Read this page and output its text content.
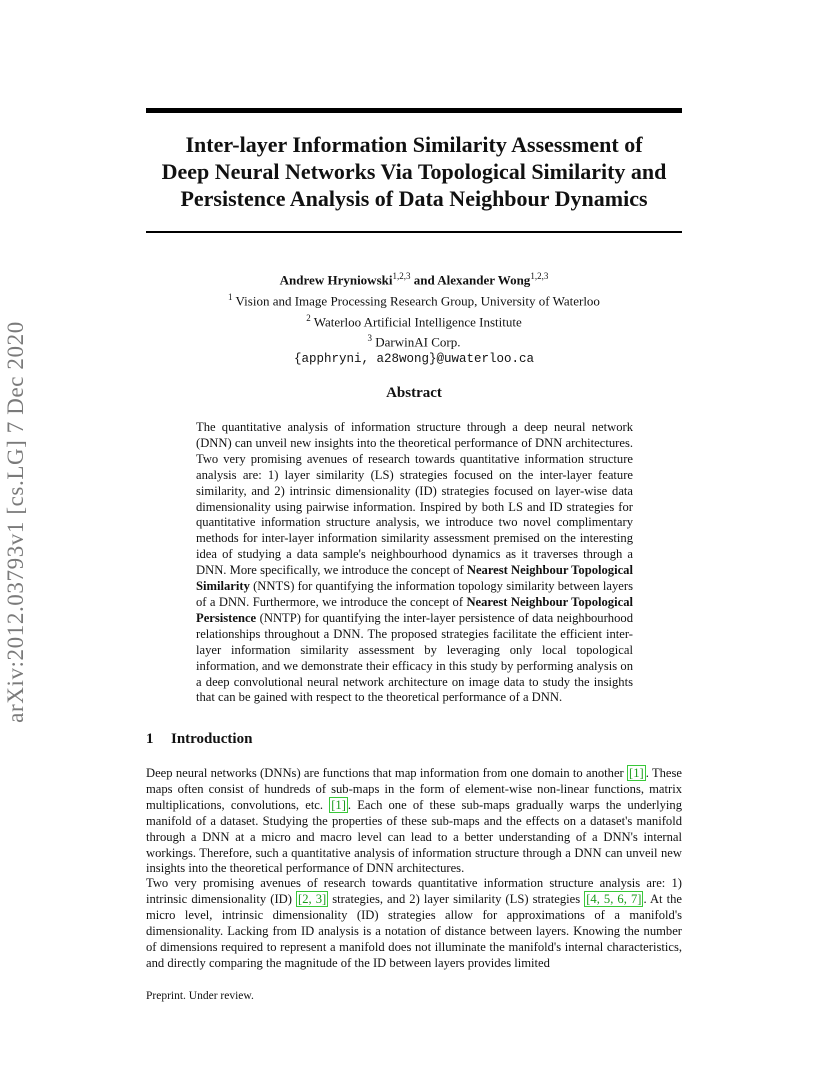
arXiv:2012.03793v1 [cs.LG] 7 Dec 2020
Inter-layer Information Similarity Assessment of
Deep Neural Networks Via Topological Similarity and
Persistence Analysis of Data Neighbour Dynamics
Andrew Hryniowski$^{1,2,3}$ and Alexander Wong$^{1,2,3}$
$^1$ Vision and Image Processing Research Group, University of Waterloo
$^2$ Waterloo Artificial Intelligence Institute
$^3$ DarwinAI Corp.
{apphryni, a28wong}@uwaterloo.ca
Abstract
The quantitative analysis of information structure through a deep neural network (DNN) can unveil new insights into the theoretical performance of DNN architectures. Two very promising avenues of research towards quantitative information structure analysis are: 1) layer similarity (LS) strategies focused on the inter-layer feature similarity, and 2) intrinsic dimensionality (ID) strategies focused on layer-wise data dimensionality using pairwise information. Inspired by both LS and ID strategies for quantitative information structure analysis, we introduce two novel complimentary methods for inter-layer information similarity assessment premised on the interesting idea of studying a data sample's neighbourhood dynamics as it traverses through a DNN. More specifically, we introduce the concept of Nearest Neighbour Topological Similarity (NNTS) for quantifying the information topology similarity between layers of a DNN. Furthermore, we introduce the concept of Nearest Neighbour Topological Persistence (NNTP) for quantifying the inter-layer persistence of data neighbourhood relationships throughout a DNN. The proposed strategies facilitate the efficient inter-layer information similarity assessment by leveraging only local topological information, and we demonstrate their efficacy in this study by performing analysis on a deep convolutional neural network architecture on image data to study the insights that can be gained with respect to the theoretical performance of a DNN.
1 Introduction
Deep neural networks (DNNs) are functions that map information from one domain to another [1] . These maps often consist of hundreds of sub-maps in the form of element-wise non-linear functions, matrix multiplications, convolutions, etc. [1] . Each one of these sub-maps gradually warps the underlying manifold of a dataset. Studying the properties of these sub-maps and the effects on a dataset's manifold through a DNN at a micro and macro level can lead to a better understanding of a DNN's internal workings. Therefore, such a quantitative analysis of information structure through a DNN can unveil new insights into the theoretical performance of DNN architectures.
Two very promising avenues of research towards quantitative information structure analysis are: 1) intrinsic dimensionality (ID) [2, 3] strategies, and 2) layer similarity (LS) strategies [4, 5, 6, 7] . At the micro level, intrinsic dimensionality (ID) strategies allow for approximations of a manifold's dimensionality. Lacking from ID analysis is a notation of distance between layers. Knowing the number of dimensions required to represent a manifold does not illuminate the manifold's internal characteristics, and directly comparing the magnitude of the ID between layers provides limited
Preprint. Under review.
